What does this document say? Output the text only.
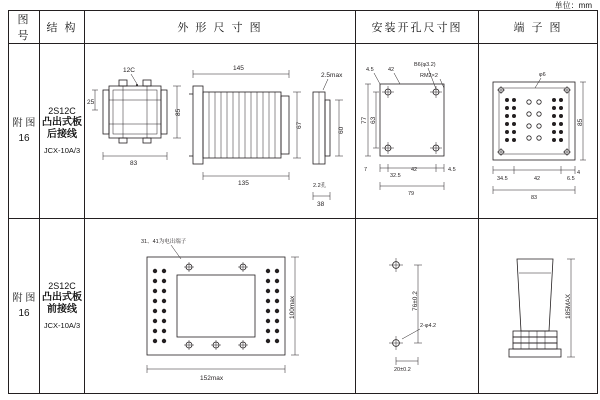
单位：mm
图 号	结 构	外 形 尺 寸 图	安装开孔尺寸图	端 子 图
附 图 16	
2S12C
凸出式板后接线
JCX-10A/3

12C
25
83
85
145
135
67
2.5max
60
2.2孔
38

4.5	42
B6(φ3.2)
RM2×2
77 63
7
32.5
42	4.5
79

φ6
85
4
34.5	42	6.5
83

附 图 16	
2S12C
凸出式板前接线
JCX-10A/3

31、41为电出端子
100max
152max

76±0.2
2-φ4.2
20±0.2

185MAX
